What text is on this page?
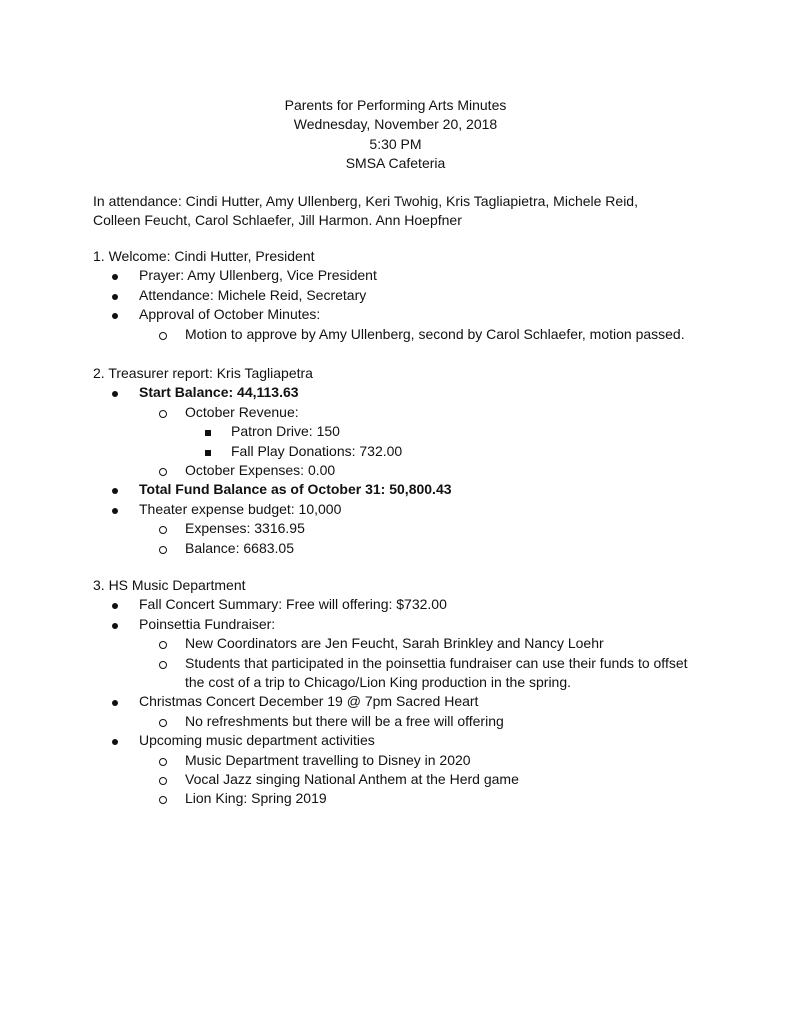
Parents for Performing Arts Minutes
Wednesday, November 20, 2018
5:30 PM
SMSA Cafeteria
In attendance: Cindi Hutter, Amy Ullenberg, Keri Twohig, Kris Tagliapietra, Michele Reid,
Colleen Feucht, Carol Schlaefer, Jill Harmon. Ann Hoepfner
1. Welcome: Cindi Hutter, President
Prayer: Amy Ullenberg, Vice President
Attendance: Michele Reid, Secretary
Approval of October Minutes:
Motion to approve by Amy Ullenberg, second by Carol Schlaefer, motion passed.
2. Treasurer report: Kris Tagliapetra
Start Balance: 44,113.63
October Revenue:
Patron Drive: 150
Fall Play Donations: 732.00
October Expenses: 0.00
Total Fund Balance as of October 31: 50,800.43
Theater expense budget: 10,000
Expenses: 3316.95
Balance: 6683.05
3. HS Music Department
Fall Concert Summary: Free will offering: $732.00
Poinsettia Fundraiser:
New Coordinators are Jen Feucht, Sarah Brinkley and Nancy Loehr
Students that participated in the poinsettia fundraiser can use their funds to offset
the cost of a trip to Chicago/Lion King production in the spring.
Christmas Concert December 19 @ 7pm Sacred Heart
No refreshments but there will be a free will offering
Upcoming music department activities
Music Department travelling to Disney in 2020
Vocal Jazz singing National Anthem at the Herd game
Lion King: Spring 2019
